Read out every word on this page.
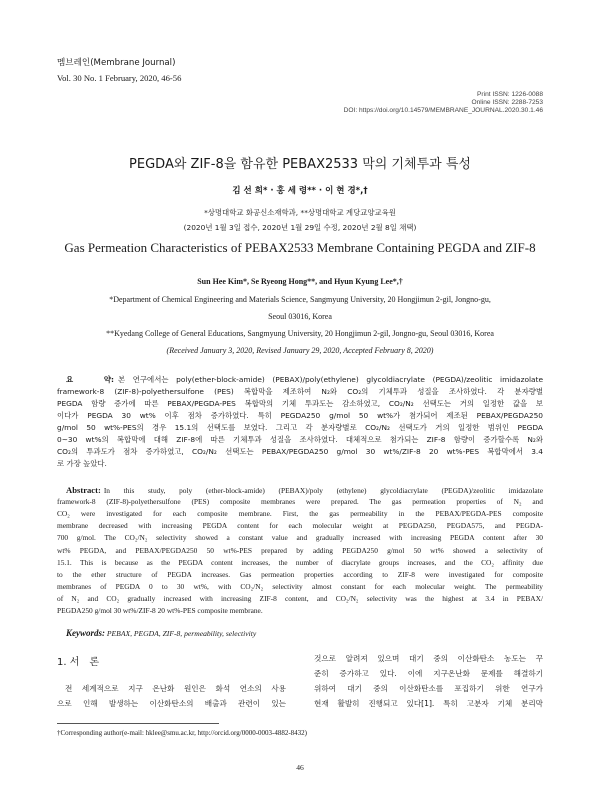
멤브레인(Membrane Journal)
Vol. 30 No. 1 February, 2020, 46-56
Print ISSN: 1226-0088
Online ISSN: 2288-7253
DOI: https://doi.org/10.14579/MEMBRANE_JOURNAL.2020.30.1.46
PEGDA와 ZIF-8을 함유한 PEBAX2533 막의 기체투과 특성
김 선 희* · 홍 세 령** · 이 현 경*,†
*상명대학교 화공신소재학과, **상명대학교 계당교양교육원
(2020년 1월 3일 접수, 2020년 1월 29일 수정, 2020년 2월 8일 채택)
Gas Permeation Characteristics of PEBAX2533 Membrane Containing PEGDA and ZIF-8
Sun Hee Kim*, Se Ryeong Hong**, and Hyun Kyung Lee*,†
*Department of Chemical Engineering and Materials Science, Sangmyung University, 20 Hongjimun 2-gil, Jongno-gu,
Seoul 03016, Korea
**Kyedang College of General Educations, Sangmyung University, 20 Hongjimun 2-gil, Jongno-gu, Seoul 03016, Korea
(Received January 3, 2020, Revised January 29, 2020, Accepted February 8, 2020)
요　　약: 본 연구에서는 poly(ether-block-amide) (PEBAX)/poly(ethylene) glycoldiacrylate (PEGDA)/zeolitic imidazolate
framework-8 (ZIF-8)-polyethersulfone (PES) 복합막을 제조하여 N₂와 CO₂의 기체투과 성질을 조사하였다. 각 분자량별
PEGDA 함량 증가에 따른 PEBAX/PEGDA-PES 복합막의 기체 투과도는 감소하였고, CO₂/N₂ 선택도는 거의 일정한 값을 보
이다가 PEGDA 30 wt% 이후 점차 증가하였다. 특히 PEGDA250 g/mol 50 wt%가 첨가되어 제조된 PEBAX/PEGDA250
g/mol 50 wt%-PES의 경우 15.1의 선택도를 보였다. 그리고 각 분자량별로 CO₂/N₂ 선택도가 거의 일정한 범위인 PEGDA
0~30 wt%의 복합막에 대해 ZIF-8에 따른 기체투과 성질을 조사하였다. 대체적으로 첨가되는 ZIF-8 함량이 증가할수록 N₂와
CO₂의 투과도가 점차 증가하였고, CO₂/N₂ 선택도는 PEBAX/PEGDA250 g/mol 30 wt%/ZIF-8 20 wt%-PES 복합막에서 3.4
로 가장 높았다.
Abstract: In this study, poly (ether-block-amide) (PEBAX)/poly (ethylene) glycoldiacrylate (PEGDA)/zeolitic imidazolate
framework-8 (ZIF-8)-polyethersulfone (PES) composite membranes were prepared. The gas permeation properties of N₂ and
CO₂ were investigated for each composite membrane. First, the gas permeability in the PEBAX/PEGDA-PES composite
membrane decreased with increasing PEGDA content for each molecular weight at PEGDA250, PEGDA575, and PEGDA-
700 g/mol. The CO₂/N₂ selectivity showed a constant value and gradually increased with increasing PEGDA content after 30
wt% PEGDA, and PEBAX/PEGDA250 50 wt%-PES prepared by adding PEGDA250 g/mol 50 wt% showed a selectivity of
15.1. This is because as the PEGDA content increases, the number of diacrylate groups increases, and the CO₂ affinity due
to the ether structure of PEGDA increases. Gas permeation properties according to ZIF-8 were investigated for composite
membranes of PEGDA 0 to 30 wt%, with CO₂/N₂ selectivity almost constant for each molecular weight. The permeability
of N₂ and CO₂ gradually increased with increasing ZIF-8 content, and CO₂/N₂ selectivity was the highest at 3.4 in PEBAX/
PEGDA250 g/mol 30 wt%/ZIF-8 20 wt%-PES composite membrane.
Keywords: PEBAX, PEGDA, ZIF-8, permeability, selectivity
1. 서　론
전 세계적으로 지구 온난화 원인은 화석 연소의 사용
으로 인해 발생하는 이산화탄소의 배출과 관련이 있는
것으로 알려져 있으며 대기 중의 이산화탄소 농도는 꾸
준히 증가하고 있다. 이에 지구온난화 문제를 해결하기
위하여 대기 중의 이산화탄소를 포집하기 위한 연구가
현재 활발히 진행되고 있다[1]. 특히 고분자 기체 분리막
†Corresponding author(e-mail: hklee@smu.ac.kr, http://orcid.org/0000-0003-4882-8432)
46
